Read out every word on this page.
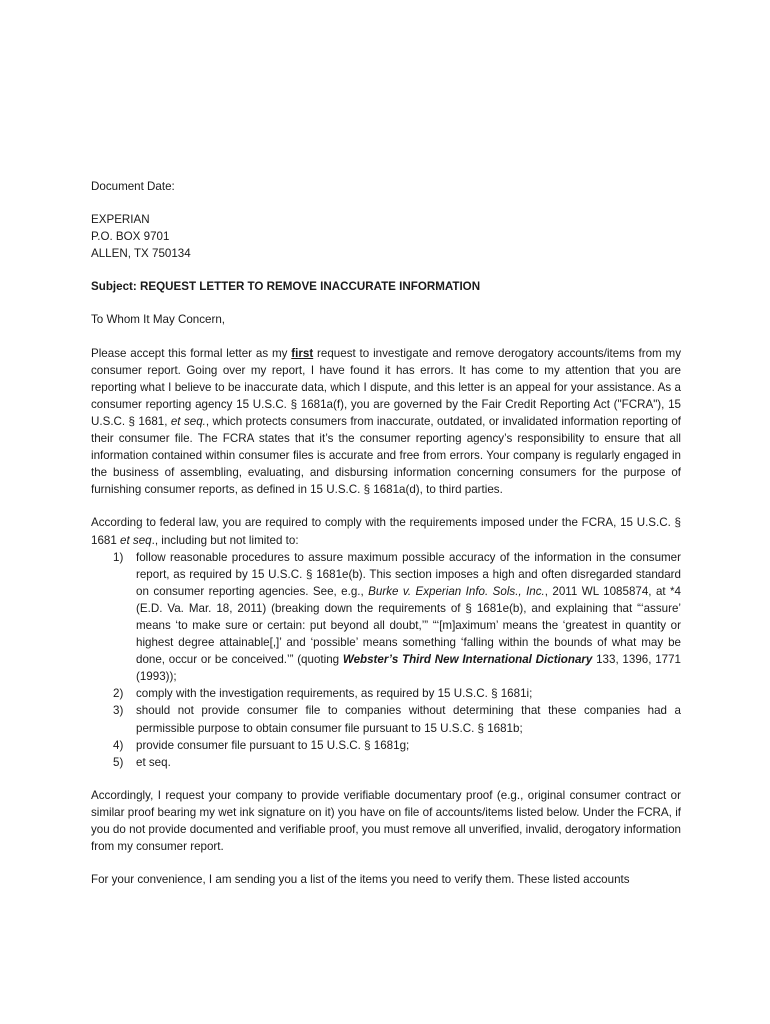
Document Date:

EXPERIAN

P.O. BOX 9701

ALLEN, TX 750134

Subject: REQUEST LETTER TO REMOVE INACCURATE INFORMATION

To Whom It May Concern,

Please accept this formal letter as my first request to investigate and remove derogatory accounts/items from my consumer report. Going over my report, I have found it has errors. It has come to my attention that you are reporting what I believe to be inaccurate data, which I dispute, and this letter is an appeal for your assistance. As a consumer reporting agency 15 U.S.C. § 1681a(f), you are governed by the Fair Credit Reporting Act ("FCRA"), 15 U.S.C. § 1681, et seq., which protects consumers from inaccurate, outdated, or invalidated information reporting of their consumer file. The FCRA states that it’s the consumer reporting agency’s responsibility to ensure that all information contained within consumer files is accurate and free from errors. Your company is regularly engaged in the business of assembling, evaluating, and disbursing information concerning consumers for the purpose of furnishing consumer reports, as defined in 15 U.S.C. § 1681a(d), to third parties.

According to federal law, you are required to comply with the requirements imposed under the FCRA, 15 U.S.C. § 1681 et seq., including but not limited to:

1) follow reasonable procedures to assure maximum possible accuracy of the information in the consumer report, as required by 15 U.S.C. § 1681e(b). This section imposes a high and often disregarded standard on consumer reporting agencies. See, e.g., Burke v. Experian Info. Sols., Inc., 2011 WL 1085874, at *4 (E.D. Va. Mar. 18, 2011) (breaking down the requirements of § 1681e(b), and explaining that “‘assure’ means ‘to make sure or certain: put beyond all doubt,’” “‘[m]aximum’ means the ‘greatest in quantity or highest degree attainable[,]’ and ‘possible’ means something ‘falling within the bounds of what may be done, occur or be conceived.’” (quoting Webster’s Third New International Dictionary 133, 1396, 1771 (1993));
2) comply with the investigation requirements, as required by 15 U.S.C. § 1681i;
3) should not provide consumer file to companies without determining that these companies had a permissible purpose to obtain consumer file pursuant to 15 U.S.C. § 1681b;
4) provide consumer file pursuant to 15 U.S.C. § 1681g;
5) et seq.

Accordingly, I request your company to provide verifiable documentary proof (e.g., original consumer contract or similar proof bearing my wet ink signature on it) you have on file of accounts/items listed below. Under the FCRA, if you do not provide documented and verifiable proof, you must remove all unverified, invalid, derogatory information from my consumer report.

For your convenience, I am sending you a list of the items you need to verify them. These listed accounts
